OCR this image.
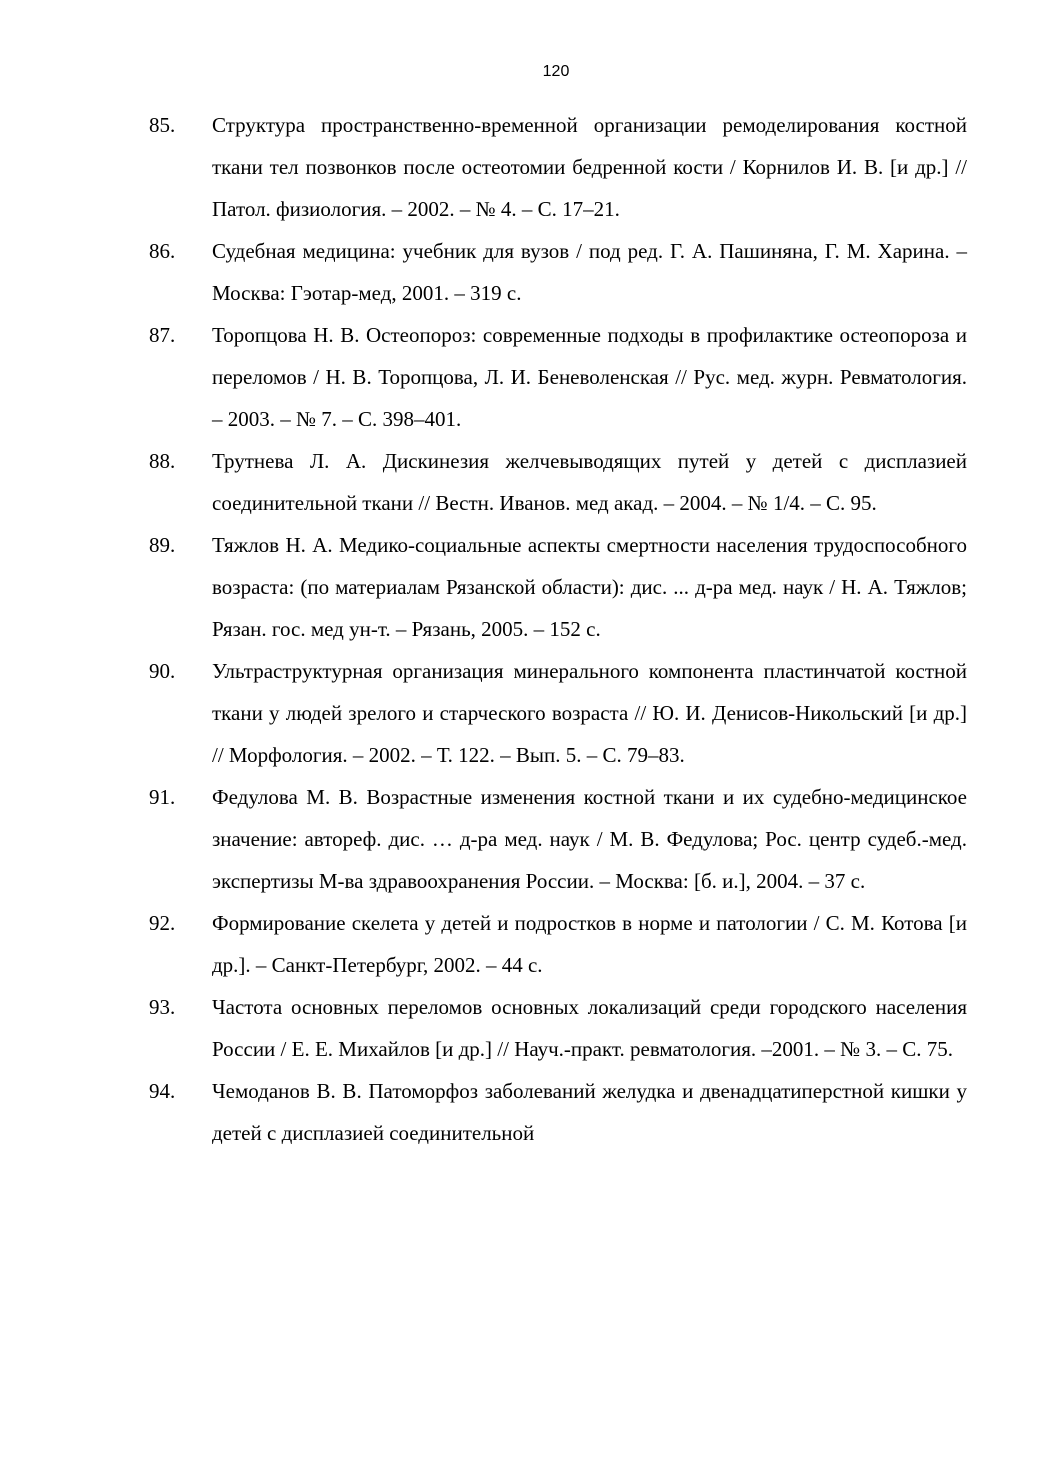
120
85.	Структура пространственно-временной организации ремоделирования костной ткани тел позвонков после остеотомии бедренной кости / Корнилов И. В. [и др.] // Патол. физиология. – 2002. – № 4. – С. 17–21.
86.	Судебная медицина: учебник для вузов / под ред. Г. А. Пашиняна, Г. М. Харина. – Москва: Гэотар-мед, 2001. – 319 с.
87.	Торопцова Н. В. Остеопороз: современные подходы в профилактике остеопороза и переломов / Н. В. Торопцова, Л. И. Беневоленская // Рус. мед. журн. Ревматология. – 2003. – № 7. – С. 398–401.
88.	Трутнева Л. А. Дискинезия желчевыводящих путей у детей с дисплазией соединительной ткани // Вестн. Иванов. мед акад. – 2004. – № 1/4. – С. 95.
89.	Тяжлов Н. А. Медико-социальные аспекты смертности населения трудоспособного возраста: (по материалам Рязанской области): дис. ... д-ра мед. наук / Н. А. Тяжлов; Рязан. гос. мед ун-т. – Рязань, 2005. – 152 с.
90.	Ультраструктурная организация минерального компонента пластинчатой костной ткани у людей зрелого и старческого возраста // Ю. И. Денисов-Никольский [и др.] // Морфология. – 2002. – Т. 122. – Вып. 5. – С. 79–83.
91.	Федулова М. В. Возрастные изменения костной ткани и их судебно-медицинское значение: автореф. дис. … д-ра мед. наук / М. В. Федулова; Рос. центр судеб.-мед. экспертизы М-ва здравоохранения России. – Москва: [б. и.], 2004. – 37 с.
92.	Формирование скелета у детей и подростков в норме и патологии / С. М. Котова [и др.]. – Санкт-Петербург, 2002. – 44 с.
93.	Частота основных переломов основных локализаций среди городского населения России / Е. Е. Михайлов [и др.] // Науч.-практ. ревматология. –2001. – № 3. – С. 75.
94.	Чемоданов В. В. Патоморфоз заболеваний желудка и двенадцатиперстной кишки у детей с дисплазией соединительной
